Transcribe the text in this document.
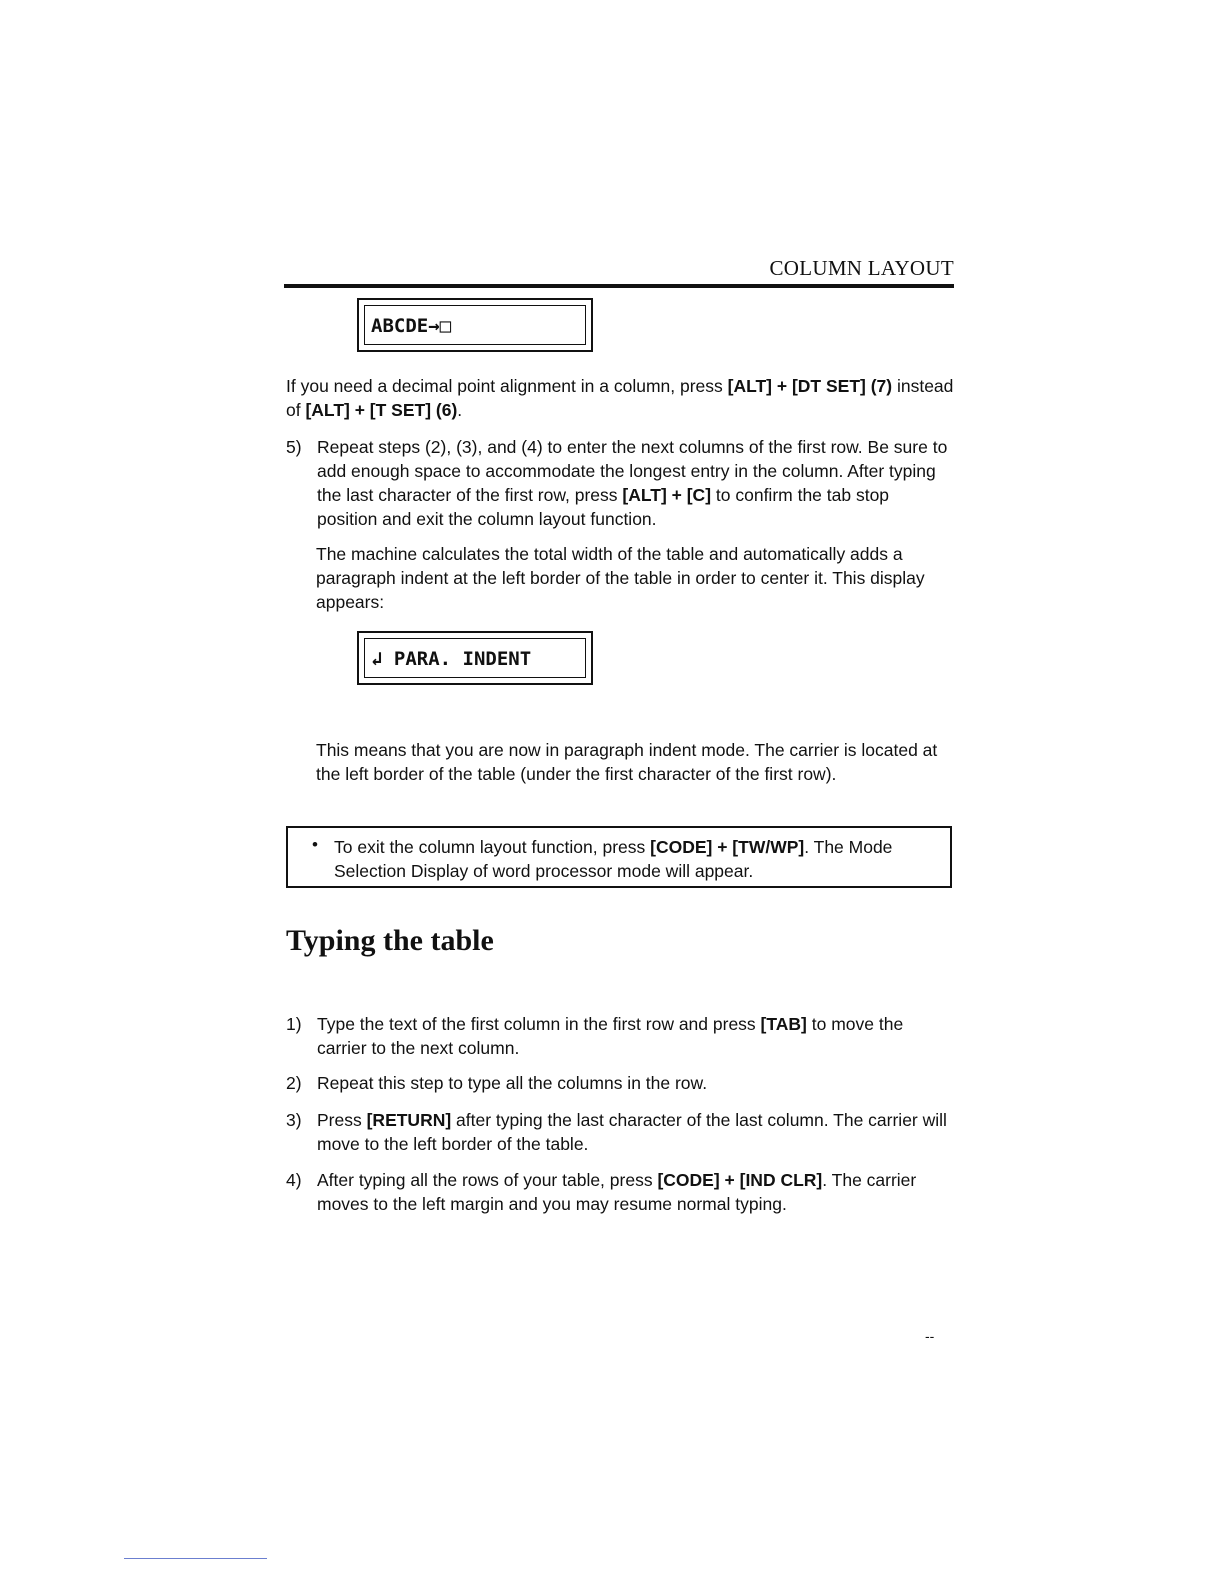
COLUMN LAYOUT
ABCDE→□

If you need a decimal point alignment in a column, press [ALT] + [DT SET] (7) instead of [ALT] + [T SET] (6).

5) Repeat steps (2), (3), and (4) to enter the next columns of the first row. Be sure to add enough space to accommodate the longest entry in the column. After typing the last character of the first row, press [ALT] + [C] to confirm the tab stop position and exit the column layout function.

The machine calculates the total width of the table and automatically adds a paragraph indent at the left border of the table in order to center it. This display appears:

↲ PARA. INDENT

This means that you are now in paragraph indent mode. The carrier is located at the left border of the table (under the first character of the first row).

• To exit the column layout function, press [CODE] + [TW/WP]. The Mode Selection Display of word processor mode will appear.
Typing the table
1) Type the text of the first column in the first row and press [TAB] to move the carrier to the next column.
2) Repeat this step to type all the columns in the row.
3) Press [RETURN] after typing the last character of the last column. The carrier will move to the left border of the table.
4) After typing all the rows of your table, press [CODE] + [IND CLR]. The carrier moves to the left margin and you may resume normal typing.
--
